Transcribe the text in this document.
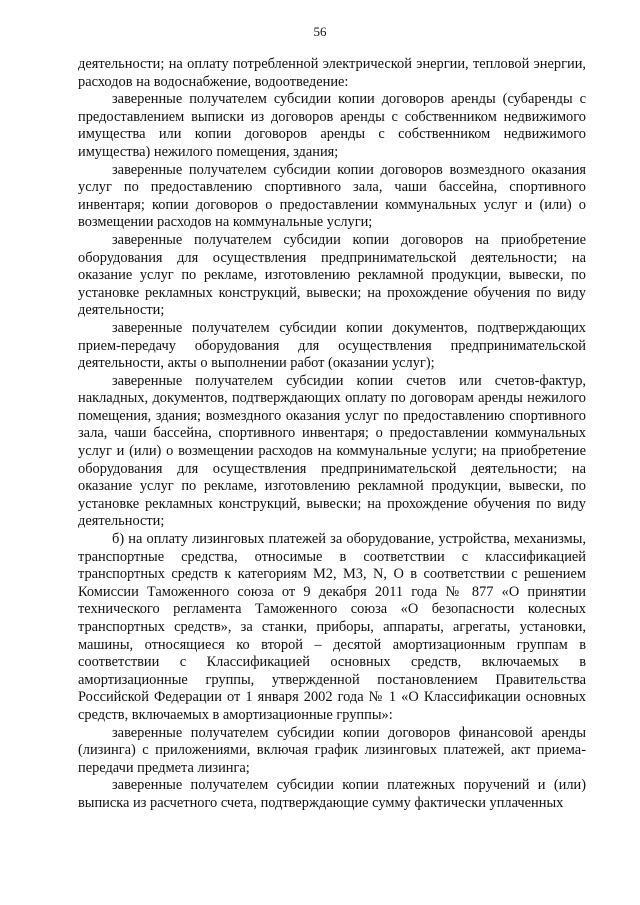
56

деятельности; на оплату потребленной электрической энергии, тепловой энергии, расходов на водоснабжение, водоотведение:

заверенные получателем субсидии копии договоров аренды (субаренды с предоставлением выписки из договоров аренды с собственником недвижимого имущества или копии договоров аренды с собственником недвижимого имущества) нежилого помещения, здания;

заверенные получателем субсидии копии договоров возмездного оказания услуг по предоставлению спортивного зала, чаши бассейна, спортивного инвентаря; копии договоров о предоставлении коммунальных услуг и (или) о возмещении расходов на коммунальные услуги;

заверенные получателем субсидии копии договоров на приобретение оборудования для осуществления предпринимательской деятельности; на оказание услуг по рекламе, изготовлению рекламной продукции, вывески, по установке рекламных конструкций, вывески; на прохождение обучения по виду деятельности;

заверенные получателем субсидии копии документов, подтверждающих прием-передачу оборудования для осуществления предпринимательской деятельности, акты о выполнении работ (оказании услуг);

заверенные получателем субсидии копии счетов или счетов-фактур, накладных, документов, подтверждающих оплату по договорам аренды нежилого помещения, здания; возмездного оказания услуг по предоставлению спортивного зала, чаши бассейна, спортивного инвентаря; о предоставлении коммунальных услуг и (или) о возмещении расходов на коммунальные услуги; на приобретение оборудования для осуществления предпринимательской деятельности; на оказание услуг по рекламе, изготовлению рекламной продукции, вывески, по установке рекламных конструкций, вывески; на прохождение обучения по виду деятельности;

б) на оплату лизинговых платежей за оборудование, устройства, механизмы, транспортные средства, относимые в соответствии с классификацией транспортных средств к категориям М2, М3, N, О в соответствии с решением Комиссии Таможенного союза от 9 декабря 2011 года № 877 «О принятии технического регламента Таможенного союза «О безопасности колесных транспортных средств», за станки, приборы, аппараты, агрегаты, установки, машины, относящиеся ко второй – десятой амортизационным группам в соответствии с Классификацией основных средств, включаемых в амортизационные группы, утвержденной постановлением Правительства Российской Федерации от 1 января 2002 года № 1 «О Классификации основных средств, включаемых в амортизационные группы»:

заверенные получателем субсидии копии договоров финансовой аренды (лизинга) с приложениями, включая график лизинговых платежей, акт приема-передачи предмета лизинга;

заверенные получателем субсидии копии платежных поручений и (или) выписка из расчетного счета, подтверждающие сумму фактически уплаченных
